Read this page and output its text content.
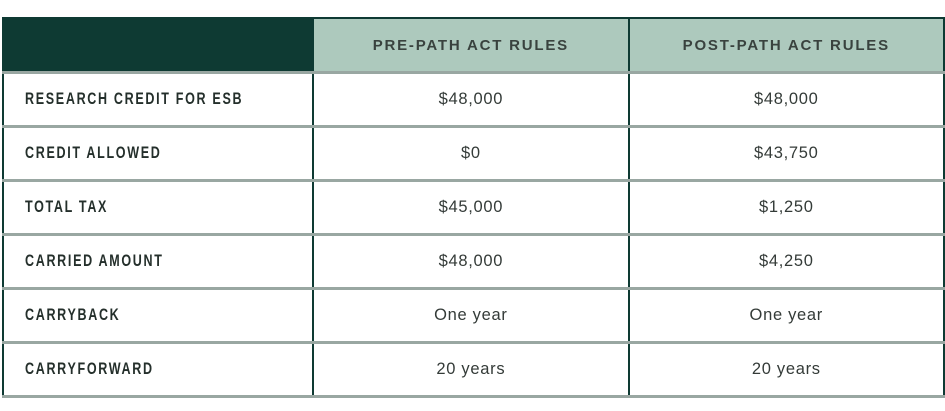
	PRE-PATH ACT RULES	POST-PATH ACT RULES
RESEARCH CREDIT FOR ESB	$48,000	$48,000
CREDIT ALLOWED	$0	$43,750
TOTAL TAX	$45,000	$1,250
CARRIED AMOUNT	$48,000	$4,250
CARRYBACK	One year	One year
CARRYFORWARD	20 years	20 years
